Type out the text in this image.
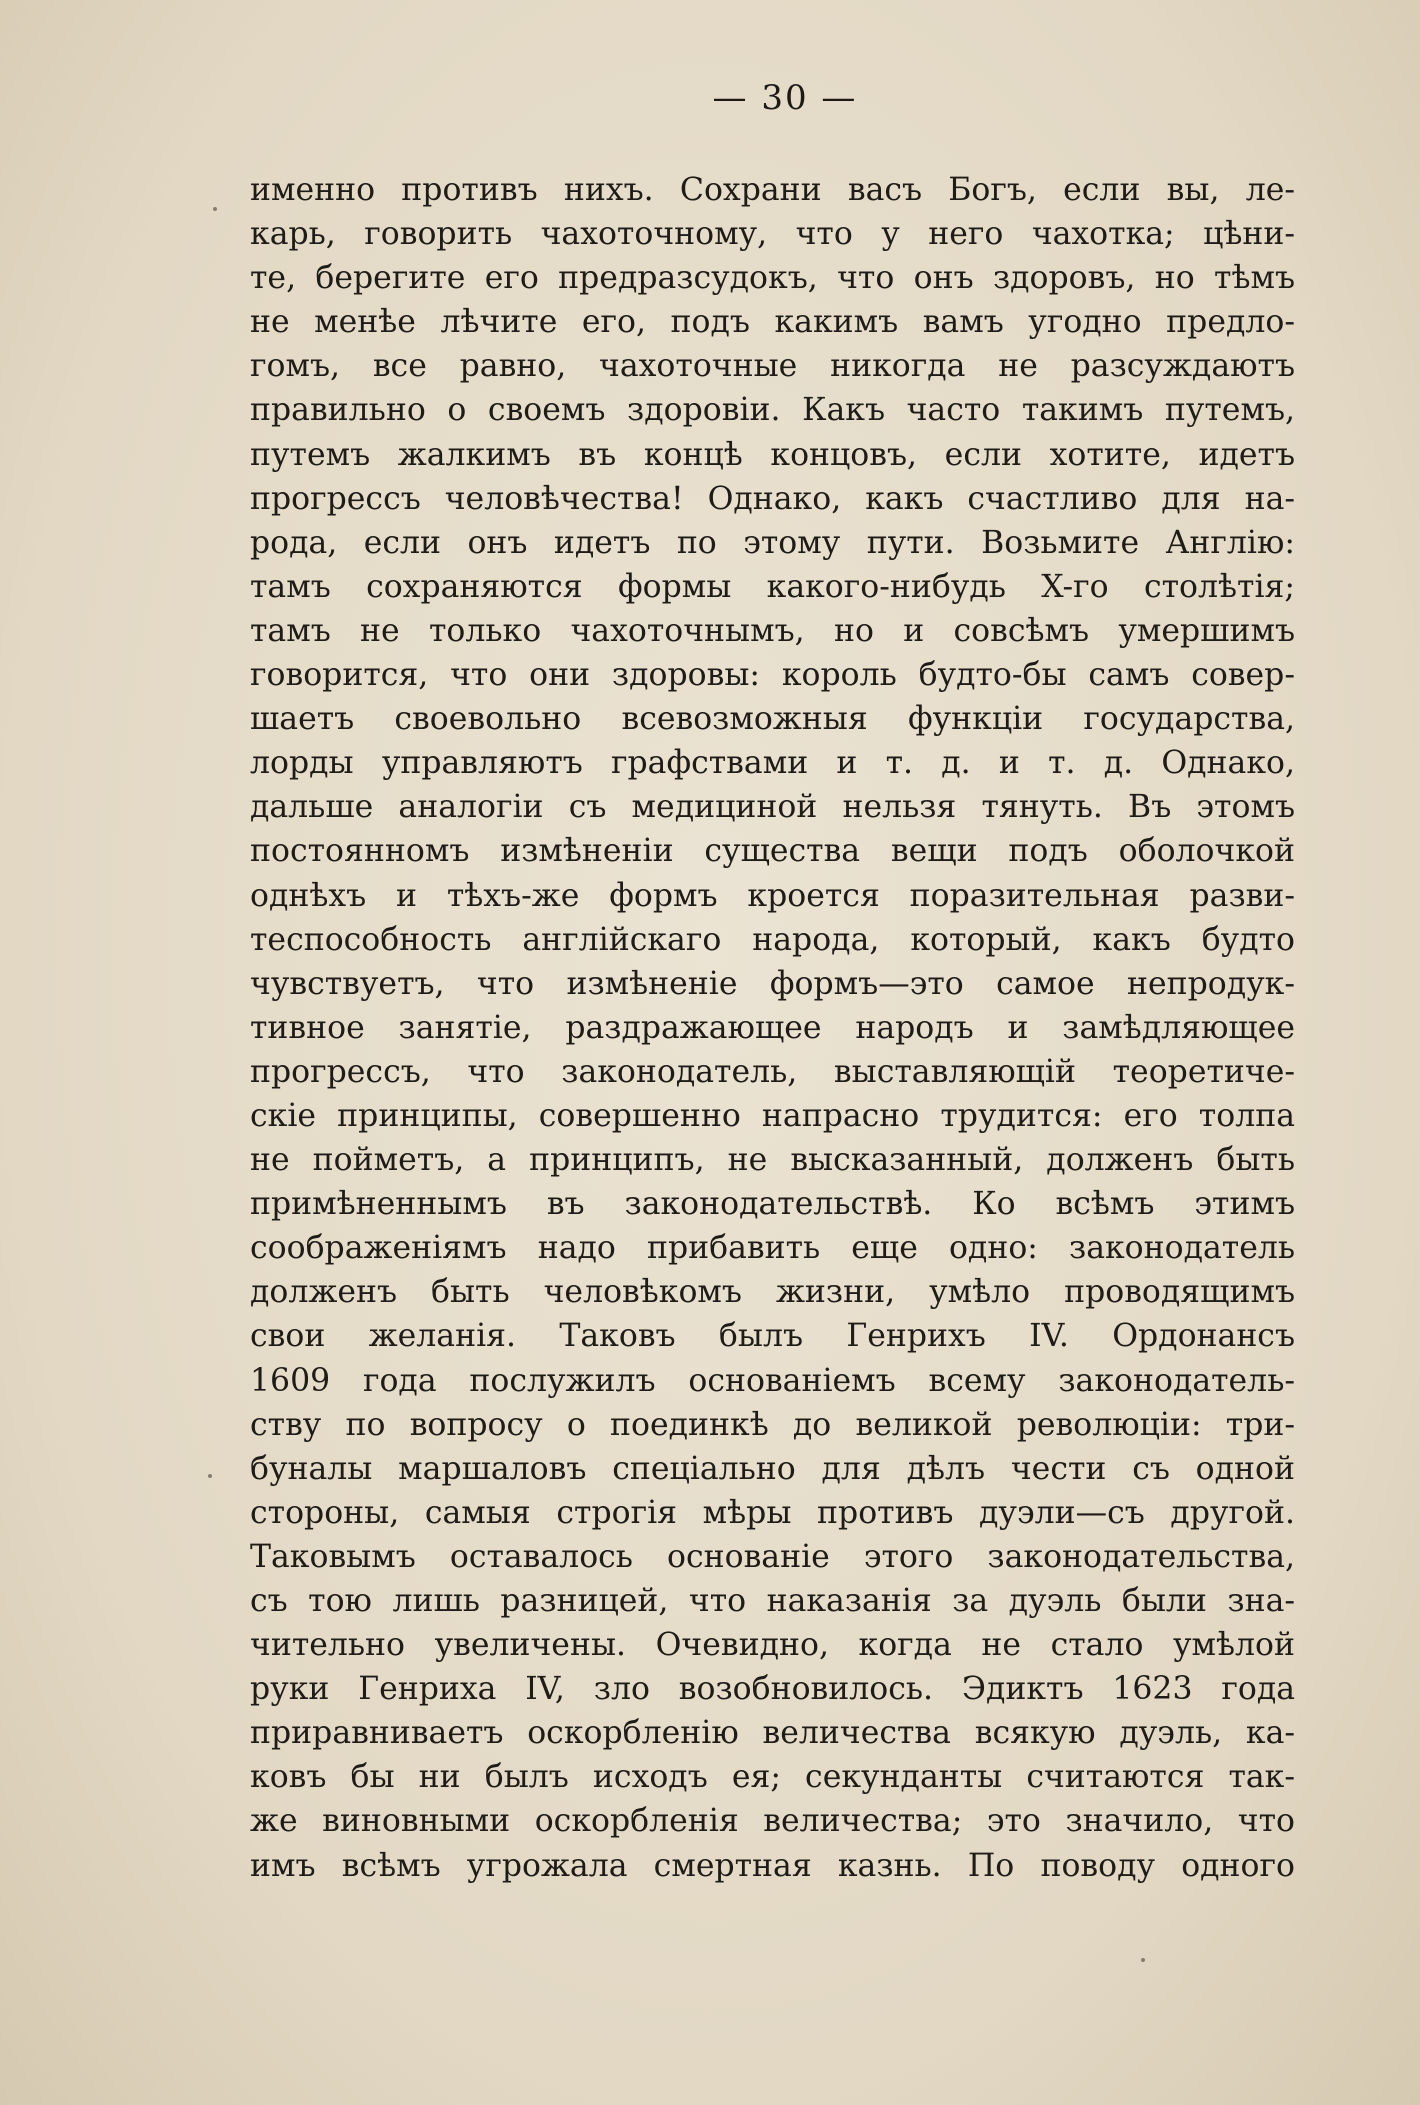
— 30 —
именно противъ нихъ. Сохрани васъ Богъ, если вы, ле-
карь, говорить чахоточному, что у него чахотка; цѣни-
те, берегите его предразсудокъ, что онъ здоровъ, но тѣмъ
не менѣе лѣчите его, подъ какимъ вамъ угодно предло-
гомъ, все равно, чахоточные никогда не разсуждаютъ
правильно о своемъ здоровіи. Какъ часто такимъ путемъ,
путемъ жалкимъ въ концѣ концовъ, если хотите, идетъ
прогрессъ человѣчества! Однако, какъ счастливо для на-
рода, если онъ идетъ по этому пути. Возьмите Англію:
тамъ сохраняются формы какого-нибудь X-го столѣтія;
тамъ не только чахоточнымъ, но и совсѣмъ умершимъ
говорится, что они здоровы: король будто-бы самъ совер-
шаетъ своевольно всевозможныя функціи государства,
лорды управляютъ графствами и т. д. и т. д. Однако,
дальше аналогіи съ медициной нельзя тянуть. Въ этомъ
постоянномъ измѣненіи существа вещи подъ оболочкой
однѣхъ и тѣхъ-же формъ кроется поразительная разви-
теспособность англійскаго народа, который, какъ будто
чувствуетъ, что измѣненіе формъ—это самое непродук-
тивное занятіе, раздражающее народъ и замѣдляющее
прогрессъ, что законодатель, выставляющій теоретиче-
скіе принципы, совершенно напрасно трудится: его толпа
не пойметъ, а принципъ, не высказанный, долженъ быть
примѣненнымъ въ законодательствѣ. Ко всѣмъ этимъ
соображеніямъ надо прибавить еще одно: законодатель
долженъ быть человѣкомъ жизни, умѣло проводящимъ
свои желанія. Таковъ былъ Генрихъ IV. Ордонансъ
1609 года послужилъ основаніемъ всему законодатель-
ству по вопросу о поединкѣ до великой революціи: три-
буналы маршаловъ спеціально для дѣлъ чести съ одной
стороны, самыя строгія мѣры противъ дуэли—съ другой.
Таковымъ оставалось основаніе этого законодательства,
съ тою лишь разницей, что наказанія за дуэль были зна-
чительно увеличены. Очевидно, когда не стало умѣлой
руки Генриха IV, зло возобновилось. Эдиктъ 1623 года
приравниваетъ оскорбленію величества всякую дуэль, ка-
ковъ бы ни былъ исходъ ея; секунданты считаются так-
же виновными оскорбленія величества; это значило, что
имъ всѣмъ угрожала смертная казнь. По поводу одного
